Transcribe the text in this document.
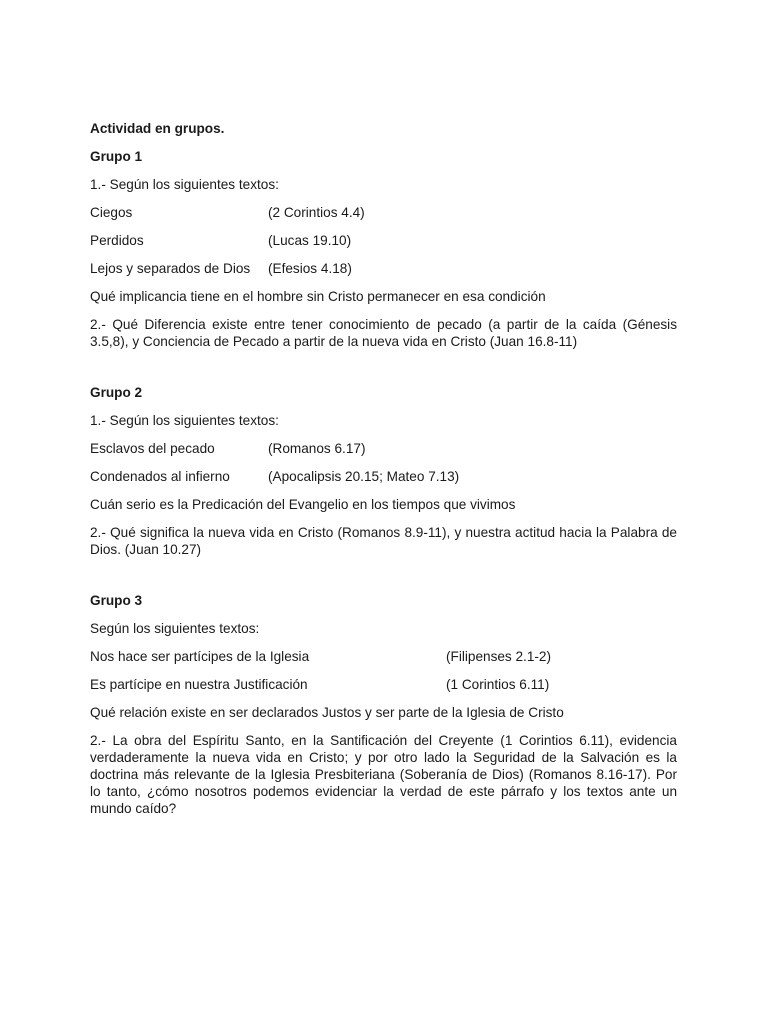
Actividad en grupos.

Grupo 1

1.- Según los siguientes textos:

Ciegos	(2 Corintios 4.4)
Perdidos	(Lucas 19.10)
Lejos y separados de Dios	(Efesios 4.18)

Qué implicancia tiene en el hombre sin Cristo permanecer en esa condición

2.- Qué Diferencia existe entre tener conocimiento de pecado (a partir de la caída (Génesis 3.5,8), y Conciencia de Pecado a partir de la nueva vida en Cristo (Juan 16.8-11)

Grupo 2

1.- Según los siguientes textos:

Esclavos del pecado	(Romanos 6.17)
Condenados al infierno	(Apocalipsis 20.15; Mateo 7.13)

Cuán serio es la Predicación del Evangelio en los tiempos que vivimos

2.- Qué significa la nueva vida en Cristo (Romanos 8.9-11), y nuestra actitud hacia la Palabra de Dios. (Juan 10.27)

Grupo 3

Según los siguientes textos:

Nos hace ser partícipes de la Iglesia	(Filipenses 2.1-2)
Es partícipe en nuestra Justificación	(1 Corintios 6.11)

Qué relación existe en ser declarados Justos y ser parte de la Iglesia de Cristo

2.- La obra del Espíritu Santo, en la Santificación del Creyente (1 Corintios 6.11), evidencia verdaderamente la nueva vida en Cristo; y por otro lado la Seguridad de la Salvación es la doctrina más relevante de la Iglesia Presbiteriana (Soberanía de Dios) (Romanos 8.16-17). Por lo tanto, ¿cómo nosotros podemos evidenciar la verdad de este párrafo y los textos ante un mundo caído?
